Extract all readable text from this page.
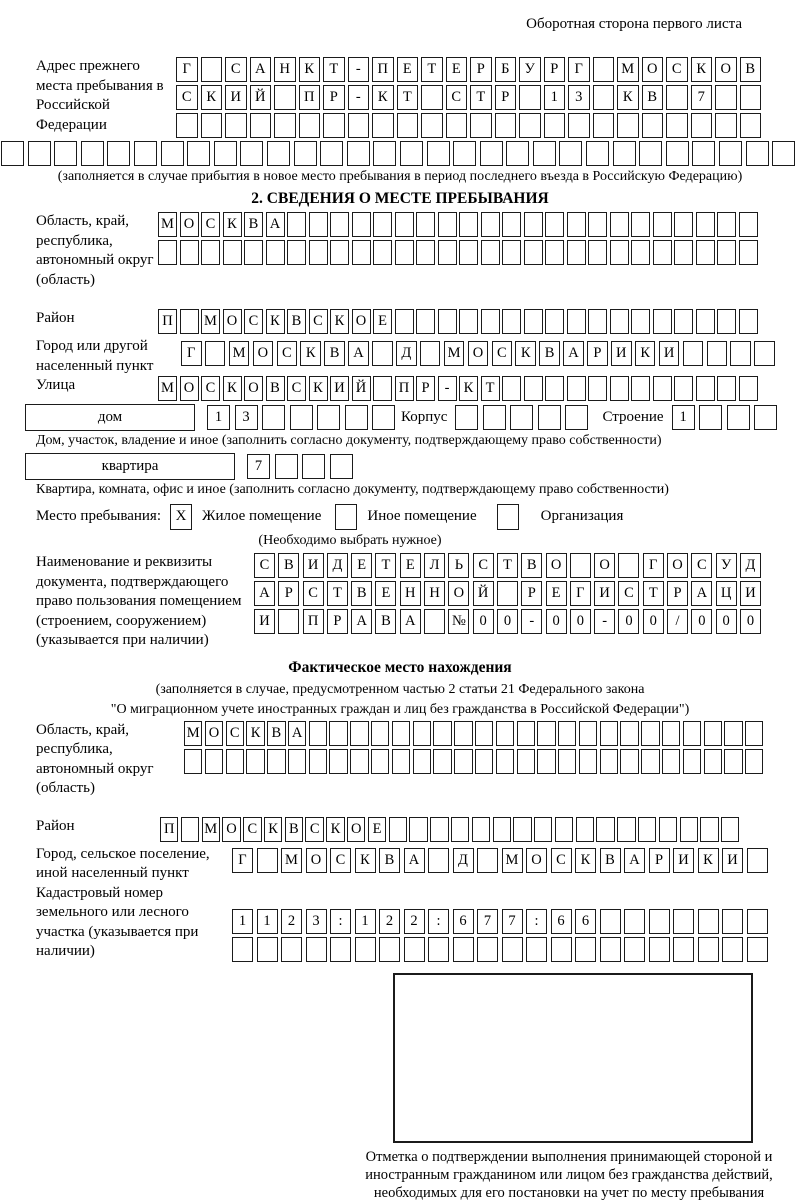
Оборотная сторона первого листа
Адрес прежнего места пребывания в Российской Федерации
Г	С А Н К	Т	-	П	Е	Т	Е	Р	Б	У	Р	Г	М О С	К О В
С	К И Й	П	Р	-	К	Т	С	Т	Р	1	3	К	В	7
(заполняется в случае прибытия в новое место пребывания в период последнего въезда в Российскую Федерацию)
2. СВЕДЕНИЯ О МЕСТЕ ПРЕБЫВАНИЯ
Область, край, республика, автономный округ (область)
М О С К В А
Район	П М О С К В С К О Е
Город или другой населенный пункт
Г	М О С К В А	Д	М О С К В А	Р	И К И
Улица	М О С К О В С К И Й П Р	- К Т
дом	1	3	Корпус	Строение	1
Дом, участок, владение и иное (заполнить согласно документу, подтверждающему право собственности)
квартира	7
Квартира, комната, офис и иное (заполнить согласно документу, подтверждающему право собственности)
Место пребывания: X	Жилое помещение	Иное помещение	Организация
(Необходимо выбрать нужное)
Наименование и реквизиты документа, подтверждающего право пользования помещением (строением, сооружением) (указывается при наличии)
С	В И Д	Е	Т	Е	Л	Ь	С	Т	В О	О	Г	О С У Д
А	Р	С	Т	В	Е	Н Н О Й	Р	Е	Г	И С	Т	Р	А Ц И
И	П	Р	А В А	№ 0	0	-	0	0	-	0	0	/	0	0	0
Фактическое место нахождения
(заполняется в случае, предусмотренном частью 2 статьи 21 Федерального закона
"О миграционном учете иностранных граждан и лиц без гражданства в Российской Федерации")
Область, край, республика, автономный округ (область)
М О С К В А
Район	П М О С К В С К О Е
Город, сельское поселение, иной населенный пункт
Г	М О С	К	В А	Д	М О С	К	В А	Р	И К И
Кадастровый номер земельного или лесного участка (указывается при наличии)
1	1	2	3	:	1	2	2	:	6	7	7	:	6	6
Отметка о подтверждении выполнения принимающей стороной и иностранным гражданином или лицом без гражданства действий, необходимых для его постановки на учет по месту пребывания
